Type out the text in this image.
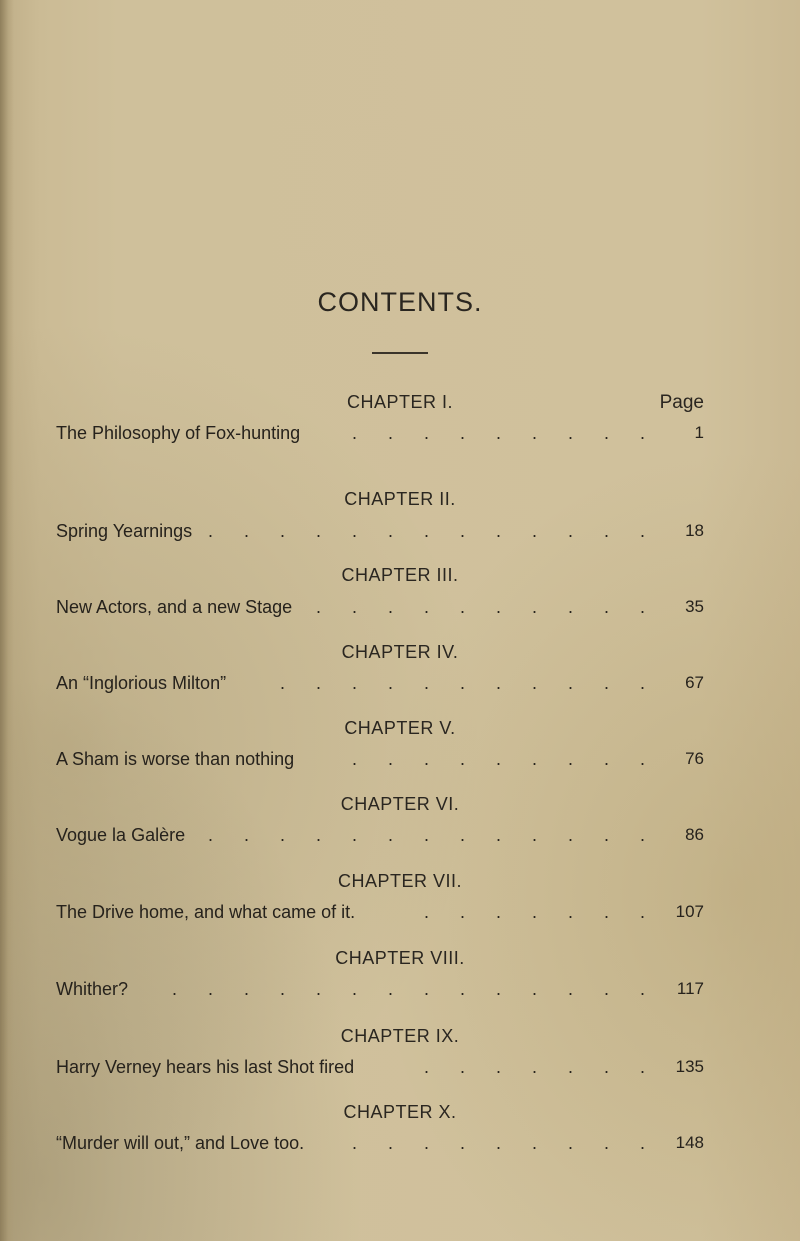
CONTENTS.
Page
CHAPTER I.
The Philosophy of Fox-hunting	. . . . . . . . .	1
CHAPTER II.
Spring Yearnings . . . . . . . . . . . . .	18
CHAPTER III.
New Actors, and a new Stage . . . . . . . . . .	35
CHAPTER IV.
An “Inglorious Milton”	. . . . . . . . . . .	67
CHAPTER V.
A Sham is worse than nothing	. . . . . . . . .	76
CHAPTER VI.
Vogue la Galère . . . . . . . . . . . . .	86
CHAPTER VII.
The Drive home, and what came of it.	. . . . . . .	107
CHAPTER VIII.
Whither? . . . . . . . . . . . . . .	117
CHAPTER IX.
Harry Verney hears his last Shot fired	. . . . . . .	135
CHAPTER X.
“Murder will out,” and Love too.	. . . . . . . . .	148
